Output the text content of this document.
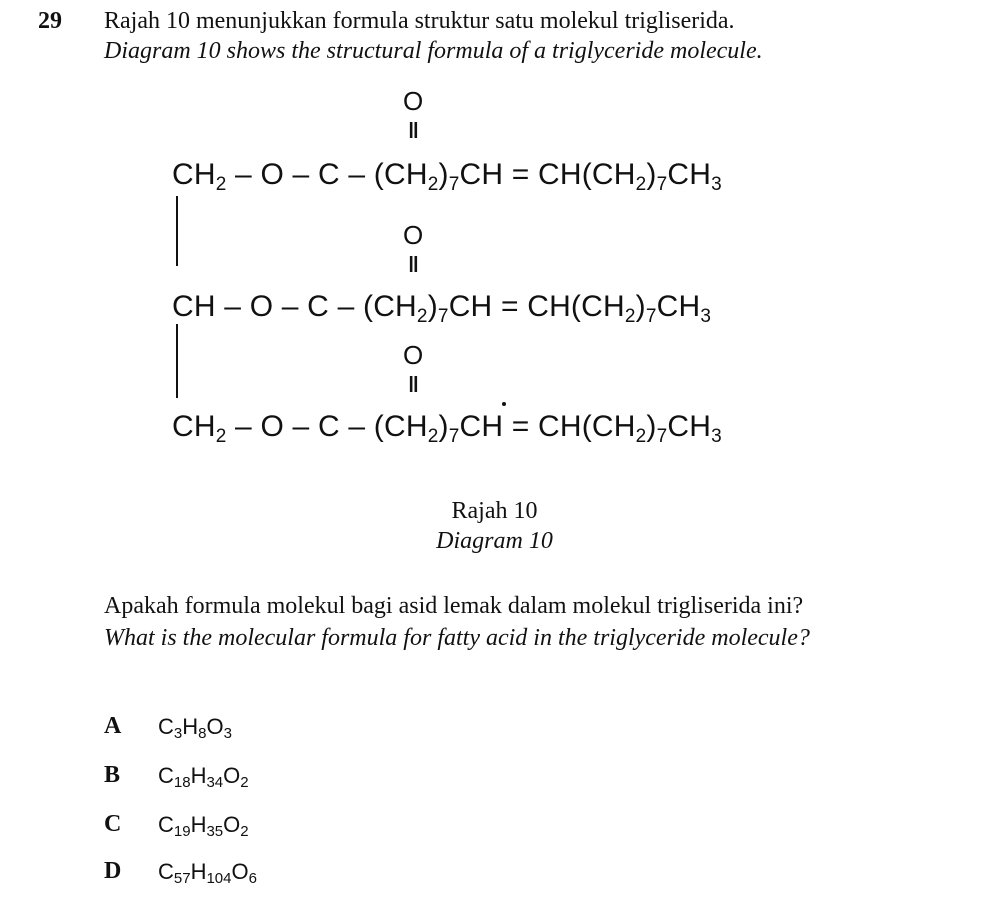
29 Rajah 10 menunjukkan formula struktur satu molekul trigliserida.
Diagram 10 shows the structural formula of a triglyceride molecule.
O
‖
O
‖
O
‖
$CH_2 - O - C - (CH_2)_7CH = CH(CH_2)_7CH_3$
CH – $O - C - (CH_2)_7CH = CH(CH_2)_7CH_3$
$CH_2 - O - C - (CH_2)_7CH = CH(CH_2)_7CH_3$
Rajah 10
Diagram 10
Apakah formula molekul bagi asid lemak dalam molekul trigliserida ini?
What is the molecular formula for fatty acid in the triglyceride molecule?
A $C_3H_8O_3$
B $C_{18}H_{34}O_2$
C $C_{19}H_{35}O_2$
D $C_{57}H_{104}O_6$
